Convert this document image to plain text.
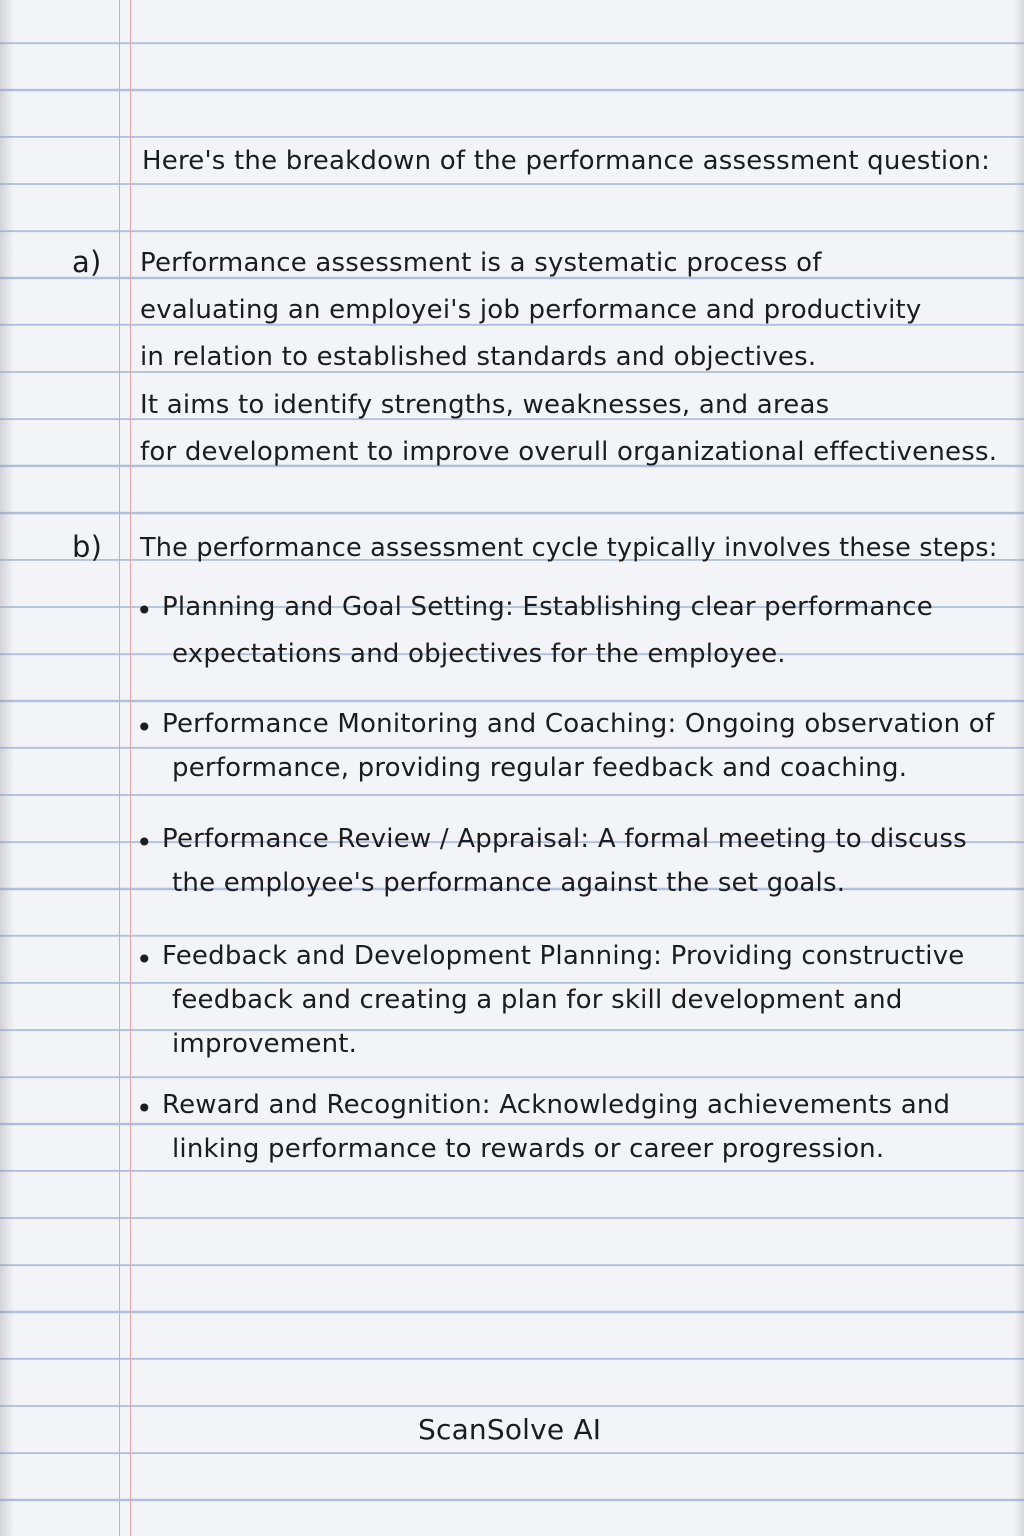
Here's the breakdown of the performance assessment question:
a) Performance assessment is a systematic process of
evaluating an employei's job performance and productivity
in relation to established standards and objectives.
It aims to identify strengths, weaknesses, and areas
for development to improve overull organizational effectiveness.
b) The performance assessment cycle typically involves these steps:
• Planning and Goal Setting: Establishing clear performance
expectations and objectives for the employee.
• Performance Monitoring and Coaching: Ongoing observation of
performance, providing regular feedback and coaching.
• Performance Review / Appraisal: A formal meeting to discuss
the employee's performance against the set goals.
• Feedback and Development Planning: Providing constructive
feedback and creating a plan for skill development and
improvement.
• Reward and Recognition: Acknowledging achievements and
linking performance to rewards or career progression.
ScanSolve AI
